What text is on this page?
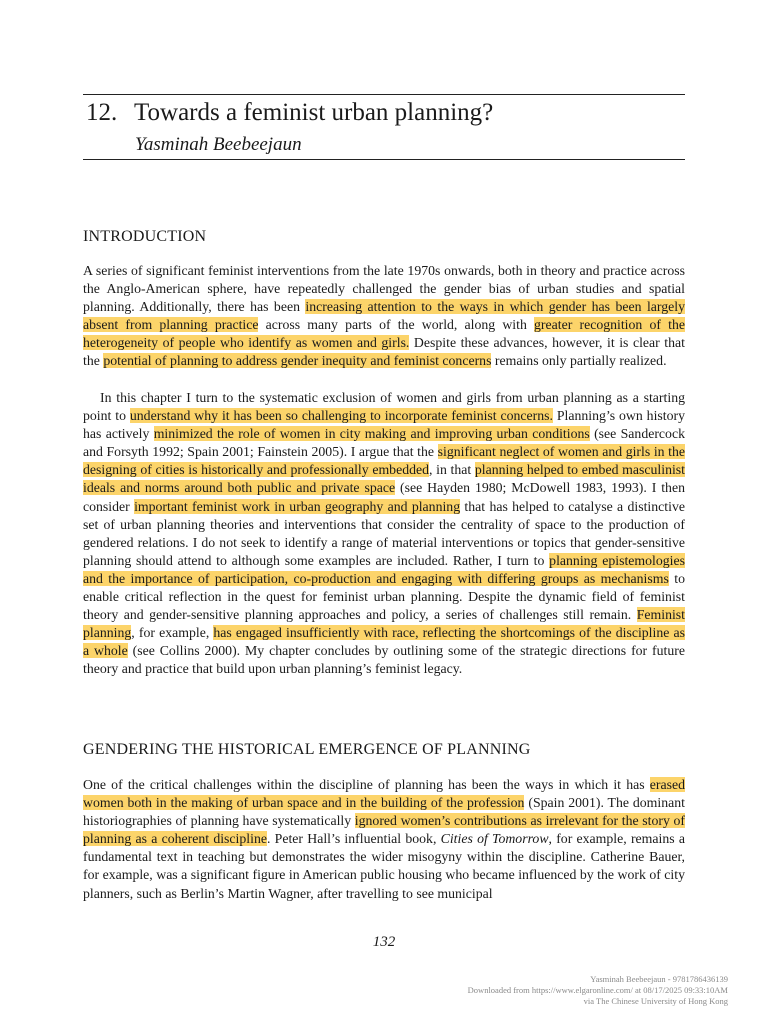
12. Towards a feminist urban planning?
Yasminah Beebeejaun
INTRODUCTION

A series of significant feminist interventions from the late 1970s onwards, both in theory and practice across the Anglo-American sphere, have repeatedly challenged the gender bias of urban studies and spatial planning. Additionally, there has been increasing attention to the ways in which gender has been largely absent from planning practice across many parts of the world, along with greater recognition of the heterogeneity of people who identify as women and girls. Despite these advances, however, it is clear that the potential of planning to address gender inequity and feminist concerns remains only partially realized.

In this chapter I turn to the systematic exclusion of women and girls from urban planning as a starting point to understand why it has been so challenging to incorporate feminist concerns. Planning’s own history has actively minimized the role of women in city making and improving urban conditions (see Sandercock and Forsyth 1992; Spain 2001; Fainstein 2005). I argue that the significant neglect of women and girls in the designing of cities is historically and professionally embedded, in that planning helped to embed masculinist ideals and norms around both public and private space (see Hayden 1980; McDowell 1983, 1993). I then consider important feminist work in urban geography and planning that has helped to catalyse a distinctive set of urban planning theories and interventions that consider the centrality of space to the production of gendered relations. I do not seek to identify a range of material interventions or topics that gender-sensitive planning should attend to although some examples are included. Rather, I turn to planning epistemologies and the importance of participation, co-production and engaging with differing groups as mechanisms to enable critical reflection in the quest for feminist urban planning. Despite the dynamic field of feminist theory and gender-sensitive planning approaches and policy, a series of challenges still remain. Feminist planning, for example, has engaged insufficiently with race, reflecting the shortcomings of the discipline as a whole (see Collins 2000). My chapter concludes by outlining some of the strategic directions for future theory and practice that build upon urban planning’s feminist legacy.

GENDERING THE HISTORICAL EMERGENCE OF PLANNING

One of the critical challenges within the discipline of planning has been the ways in which it has erased women both in the making of urban space and in the building of the profession (Spain 2001). The dominant historiographies of planning have systematically ignored women’s contributions as irrelevant for the story of planning as a coherent discipline. Peter Hall’s influential book, Cities of Tomorrow, for example, remains a fundamental text in teaching but demonstrates the wider misogyny within the discipline. Catherine Bauer, for example, was a significant figure in American public housing who became influenced by the work of city planners, such as Berlin’s Martin Wagner, after travelling to see municipal

132
Yasminah Beebeejaun - 9781786436139
Downloaded from https://www.elgaronline.com/ at 08/17/2025 09:33:10AM
via The Chinese University of Hong Kong
